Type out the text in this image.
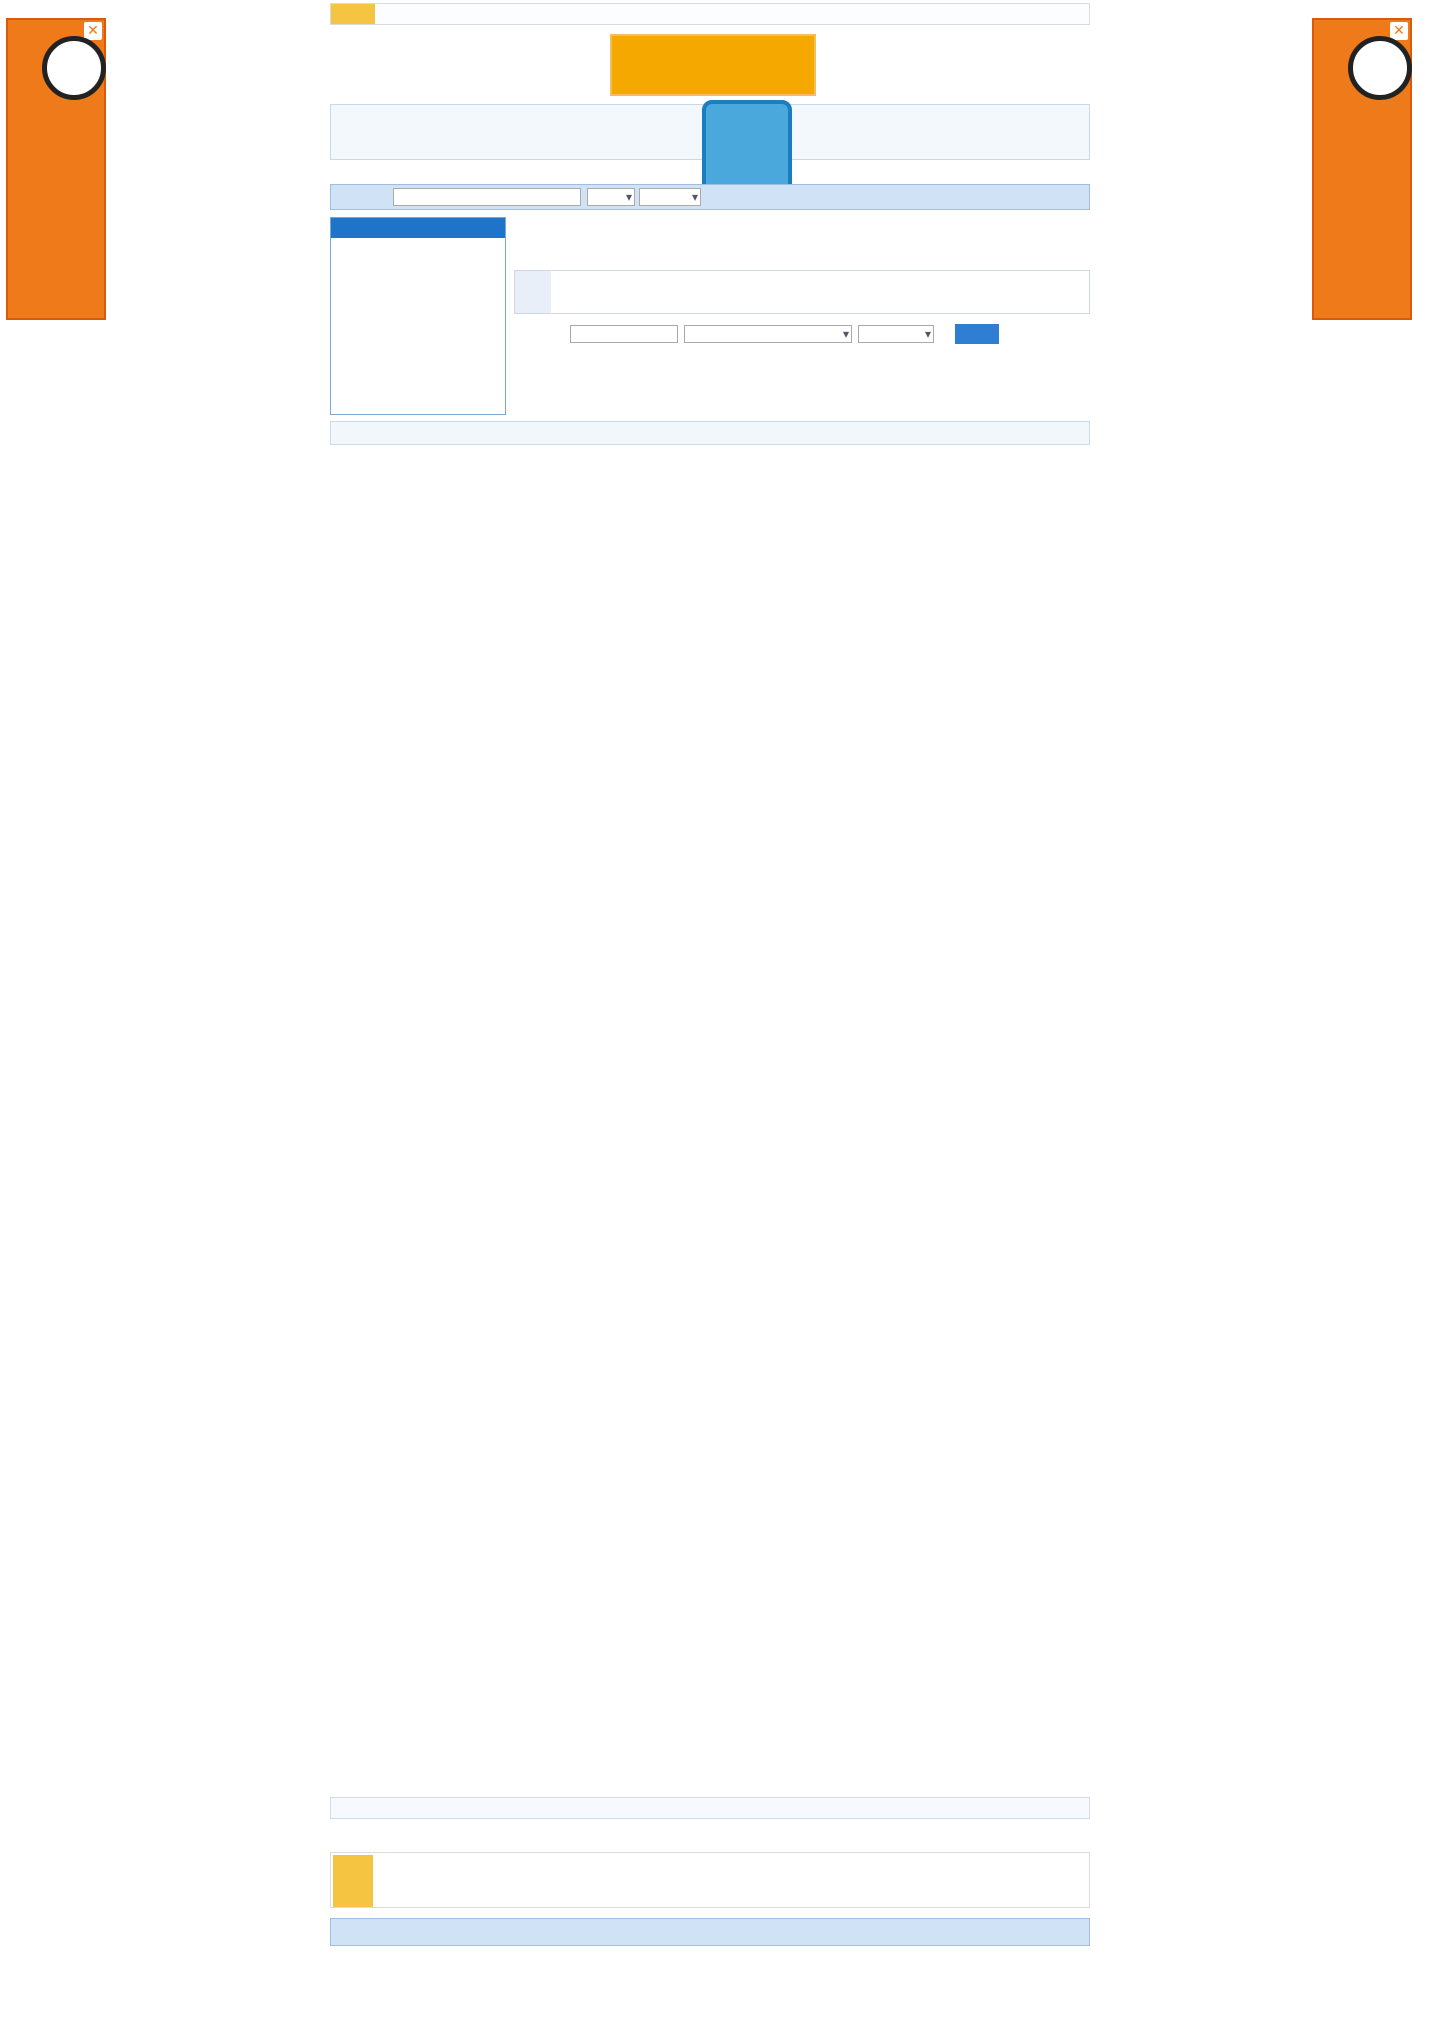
✕	✕
▾
▾
▾
▾
